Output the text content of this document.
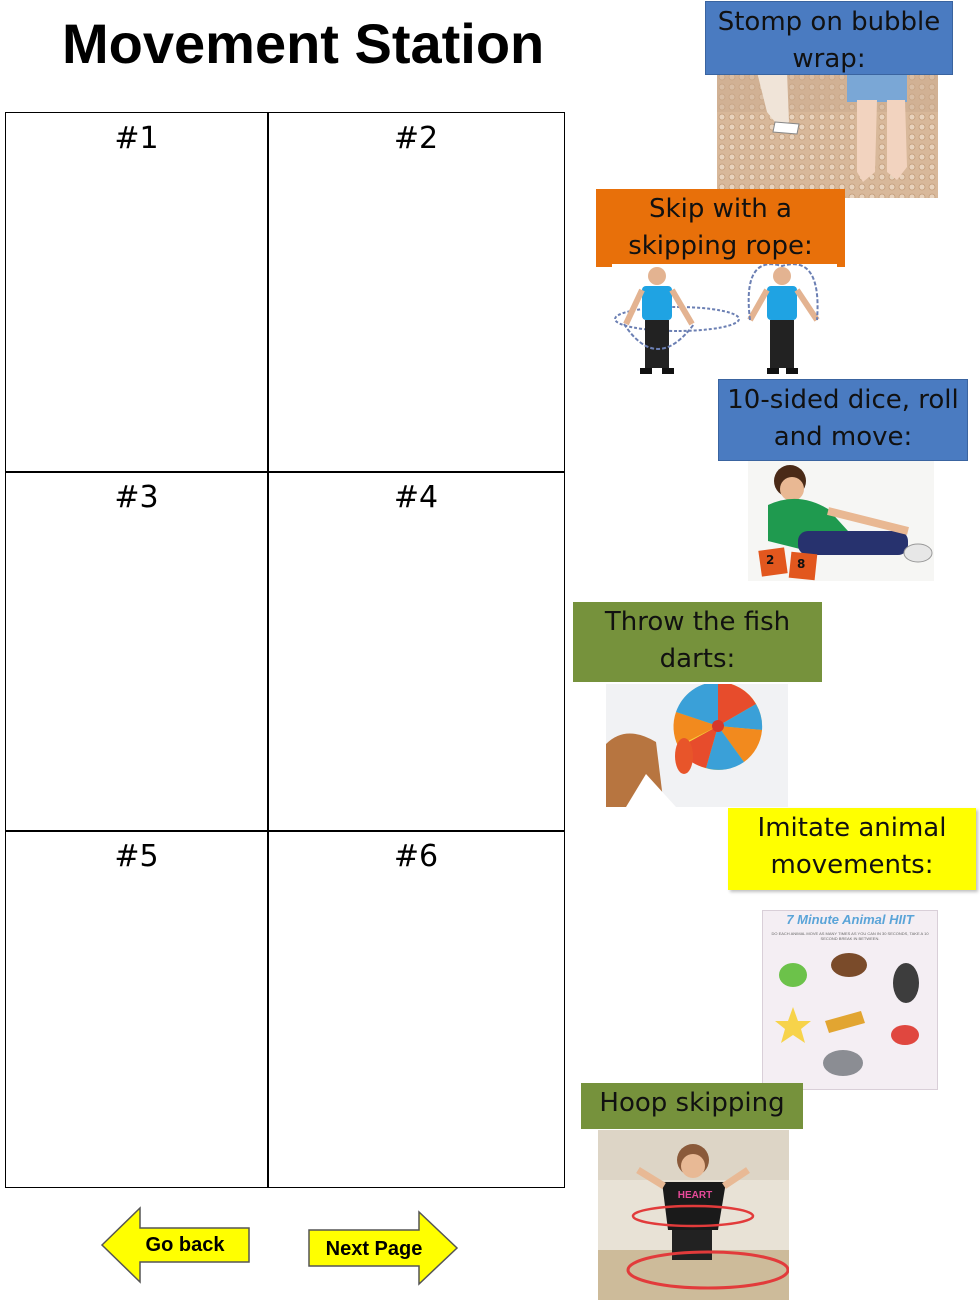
Movement Station
#1	#2
#3	#4
#5	#6
Stomp on bubble wrap:
Skip with a skipping rope:
10-sided dice, roll and move:
2 8
Throw the fish darts:
Imitate animal movements:
7 Minute Animal HIIT
DO EACH ANIMAL MOVE AS MANY TIMES AS YOU CAN IN 30 SECONDS, TAKE A 10 SECOND BREAK IN BETWEEN.
Hoop skipping
HEART
Go back	Next Page
